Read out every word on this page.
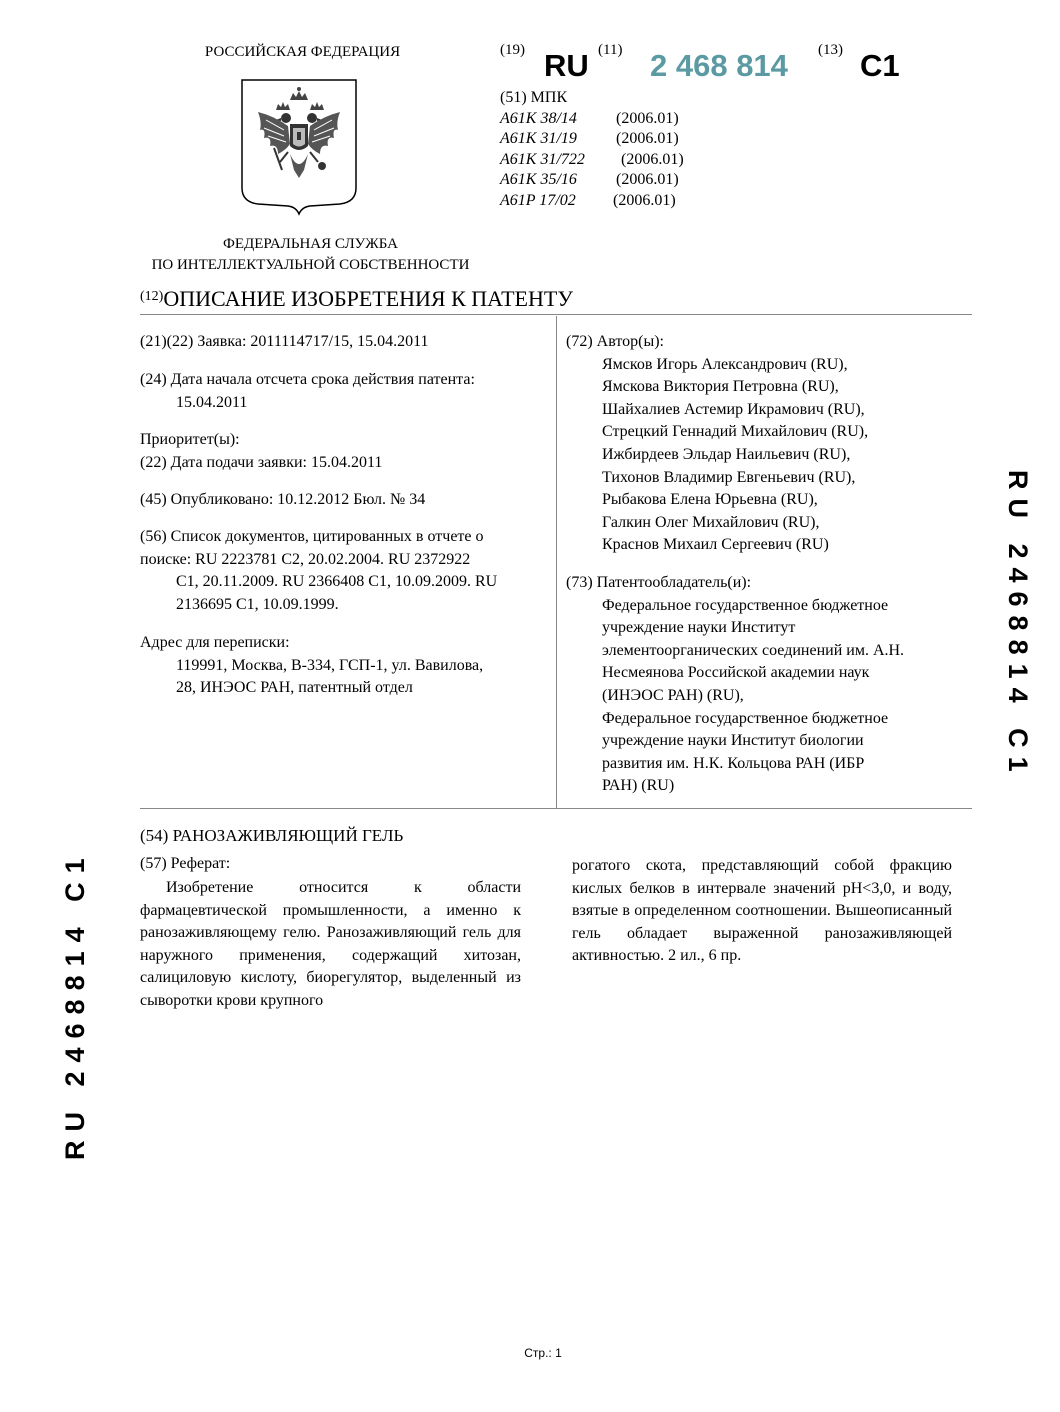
РОССИЙСКАЯ ФЕДЕРАЦИЯ
ФЕДЕРАЛЬНАЯ СЛУЖБА
ПО ИНТЕЛЛЕКТУАЛЬНОЙ СОБСТВЕННОСТИ
(19) RU (11) 2 468 814 (13) C1
(51) МПК
A61K 38/14 (2006.01)
A61K 31/19 (2006.01)
A61K 31/722 (2006.01)
A61K 35/16 (2006.01)
A61P 17/02 (2006.01)
$^{(12)}$ОПИСАНИЕ ИЗОБРЕТЕНИЯ К ПАТЕНТУ
(21)(22) Заявка: 2011114717/15, 15.04.2011
(24) Дата начала отсчета срока действия патента:
15.04.2011
Приоритет(ы):
(22) Дата подачи заявки: 15.04.2011
(45) Опубликовано: 10.12.2012 Бюл. № 34
(56) Список документов, цитированных в отчете о
поиске: RU 2223781 C2, 20.02.2004. RU 2372922
C1, 20.11.2009. RU 2366408 C1, 10.09.2009. RU
2136695 C1, 10.09.1999.
Адрес для переписки:
119991, Москва, В-334, ГСП-1, ул. Вавилова,
28, ИНЭОС РАН, патентный отдел
(72) Автор(ы):
Ямсков Игорь Александрович (RU),
Ямскова Виктория Петровна (RU),
Шайхалиев Астемир Икрамович (RU),
Стрецкий Геннадий Михайлович (RU),
Ижбирдеев Эльдар Наильевич (RU),
Тихонов Владимир Евгеньевич (RU),
Рыбакова Елена Юрьевна (RU),
Галкин Олег Михайлович (RU),
Краснов Михаил Сергеевич (RU)
(73) Патентообладатель(и):
Федеральное государственное бюджетное
учреждение науки Институт
элементоорганических соединений им. А.Н.
Несмеянова Российской академии наук
(ИНЭОС РАН) (RU),
Федеральное государственное бюджетное
учреждение науки Институт биологии
развития им. Н.К. Кольцова РАН (ИБР
РАН) (RU)
(54) РАНОЗАЖИВЛЯЮЩИЙ ГЕЛЬ
(57) Реферат:
Изобретение относится к области фармацевтической промышленности, а именно к ранозаживляющему гелю. Ранозаживляющий гель для наружного применения, содержащий хитозан, салициловую кислоту, биорегулятор, выделенный из сыворотки крови крупного
рогатого скота, представляющий собой фракцию кислых белков в интервале значений pH<3,0, и воду, взятые в определенном соотношении. Вышеописанный гель обладает выраженной ранозаживляющей активностью. 2 ил., 6 пр.
RU 2468814 C1
RU 2468814 C1
Стр.: 1
